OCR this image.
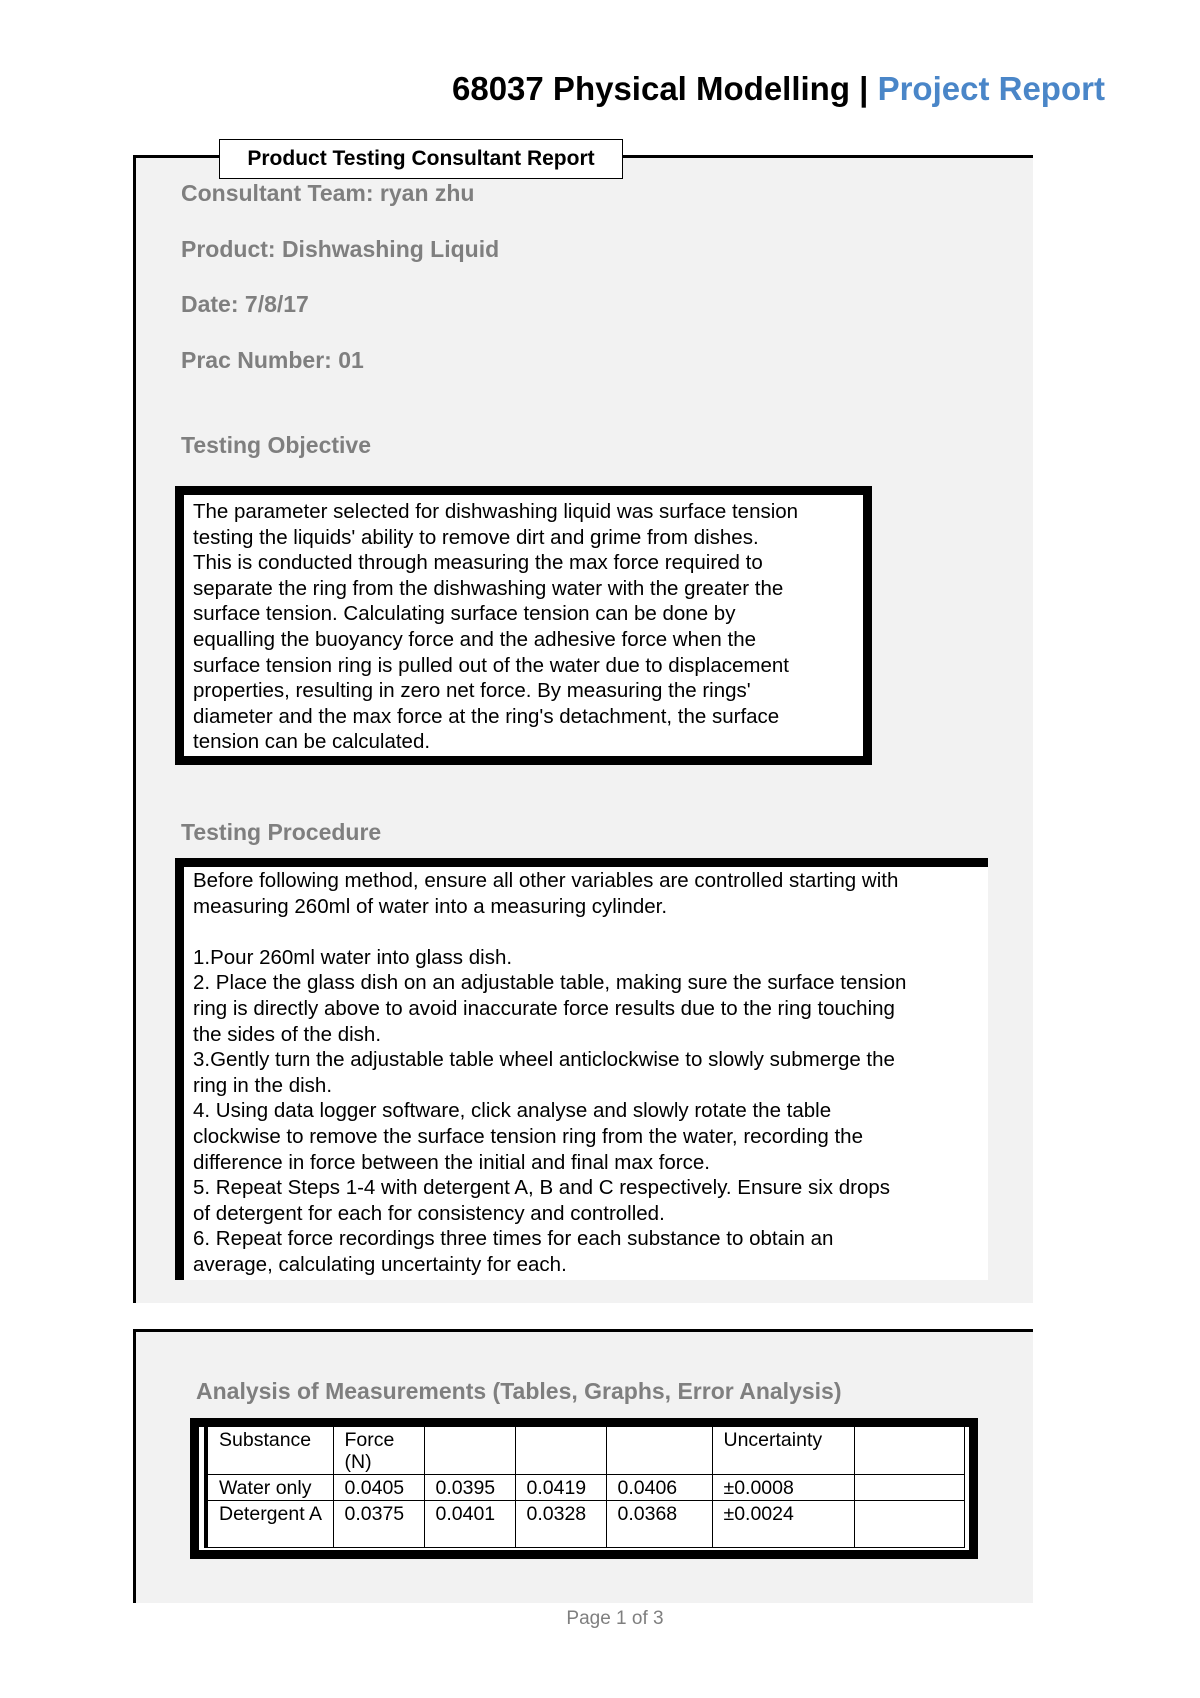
68037 Physical Modelling | Project Report
Product Testing Consultant Report
Consultant Team: ryan zhu
Product: Dishwashing Liquid
Date: 7/8/17
Prac Number: 01
Testing Objective
The parameter selected for dishwashing liquid was surface tension
testing the liquids' ability to remove dirt and grime from dishes.
This is conducted through measuring the max force required to
separate the ring from the dishwashing water with the greater the
surface tension. Calculating surface tension can be done by
equalling the buoyancy force and the adhesive force when the
surface tension ring is pulled out of the water due to displacement
properties, resulting in zero net force. By measuring the rings'
diameter and the max force at the ring's detachment, the surface
tension can be calculated.
Testing Procedure
Before following method, ensure all other variables are controlled starting with
measuring 260ml of water into a measuring cylinder.

1.Pour 260ml water into glass dish.
2. Place the glass dish on an adjustable table, making sure the surface tension
ring is directly above to avoid inaccurate force results due to the ring touching
the sides of the dish.
3.Gently turn the adjustable table wheel anticlockwise to slowly submerge the
ring in the dish.
4. Using data logger software, click analyse and slowly rotate the table
clockwise to remove the surface tension ring from the water, recording the
difference in force between the initial and final max force.
5. Repeat Steps 1-4 with detergent A, B and C respectively. Ensure six drops
of detergent for each for consistency and controlled.
6. Repeat force recordings three times for each substance to obtain an
average, calculating uncertainty for each.
Analysis of Measurements (Tables, Graphs, Error Analysis)
Substance	Force (N)				Uncertainty	
Water only	0.0405	0.0395	0.0419	0.0406	±0.0008	
Detergent A	0.0375	0.0401	0.0328	0.0368	±0.0024	
Page 1 of 3
